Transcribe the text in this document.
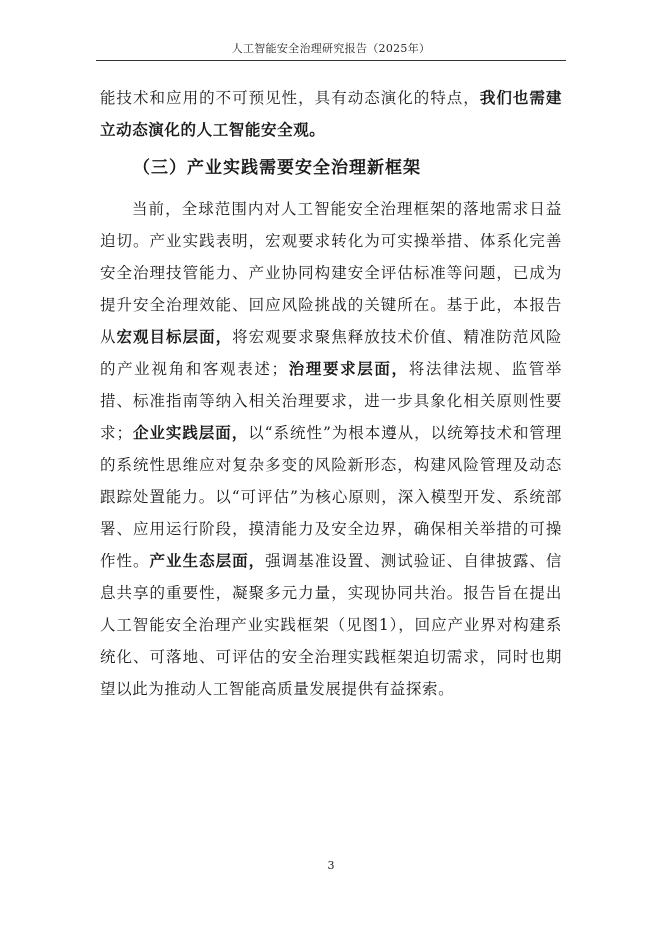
人工智能安全治理研究报告（2025年）

能技术和应用的不可预见性，具有动态演化的特点，我们也需建立动态演化的人工智能安全观。

（三）产业实践需要安全治理新框架

当前，全球范围内对人工智能安全治理框架的落地需求日益迫切。产业实践表明，宏观要求转化为可实操举措、体系化完善安全治理技管能力、产业协同构建安全评估标准等问题，已成为提升安全治理效能、回应风险挑战的关键所在。基于此，本报告从宏观目标层面，将宏观要求聚焦释放技术价值、精准防范风险的产业视角和客观表述；治理要求层面，将法律法规、监管举措、标准指南等纳入相关治理要求，进一步具象化相关原则性要求；企业实践层面，以“系统性”为根本遵从，以统筹技术和管理的系统性思维应对复杂多变的风险新形态，构建风险管理及动态跟踪处置能力。以“可评估”为核心原则，深入模型开发、系统部署、应用运行阶段，摸清能力及安全边界，确保相关举措的可操作性。产业生态层面，强调基准设置、测试验证、自律披露、信息共享的重要性，凝聚多元力量，实现协同共治。报告旨在提出人工智能安全治理产业实践框架（见图1），回应产业界对构建系统化、可落地、可评估的安全治理实践框架迫切需求，同时也期望以此为推动人工智能高质量发展提供有益探索。

3
